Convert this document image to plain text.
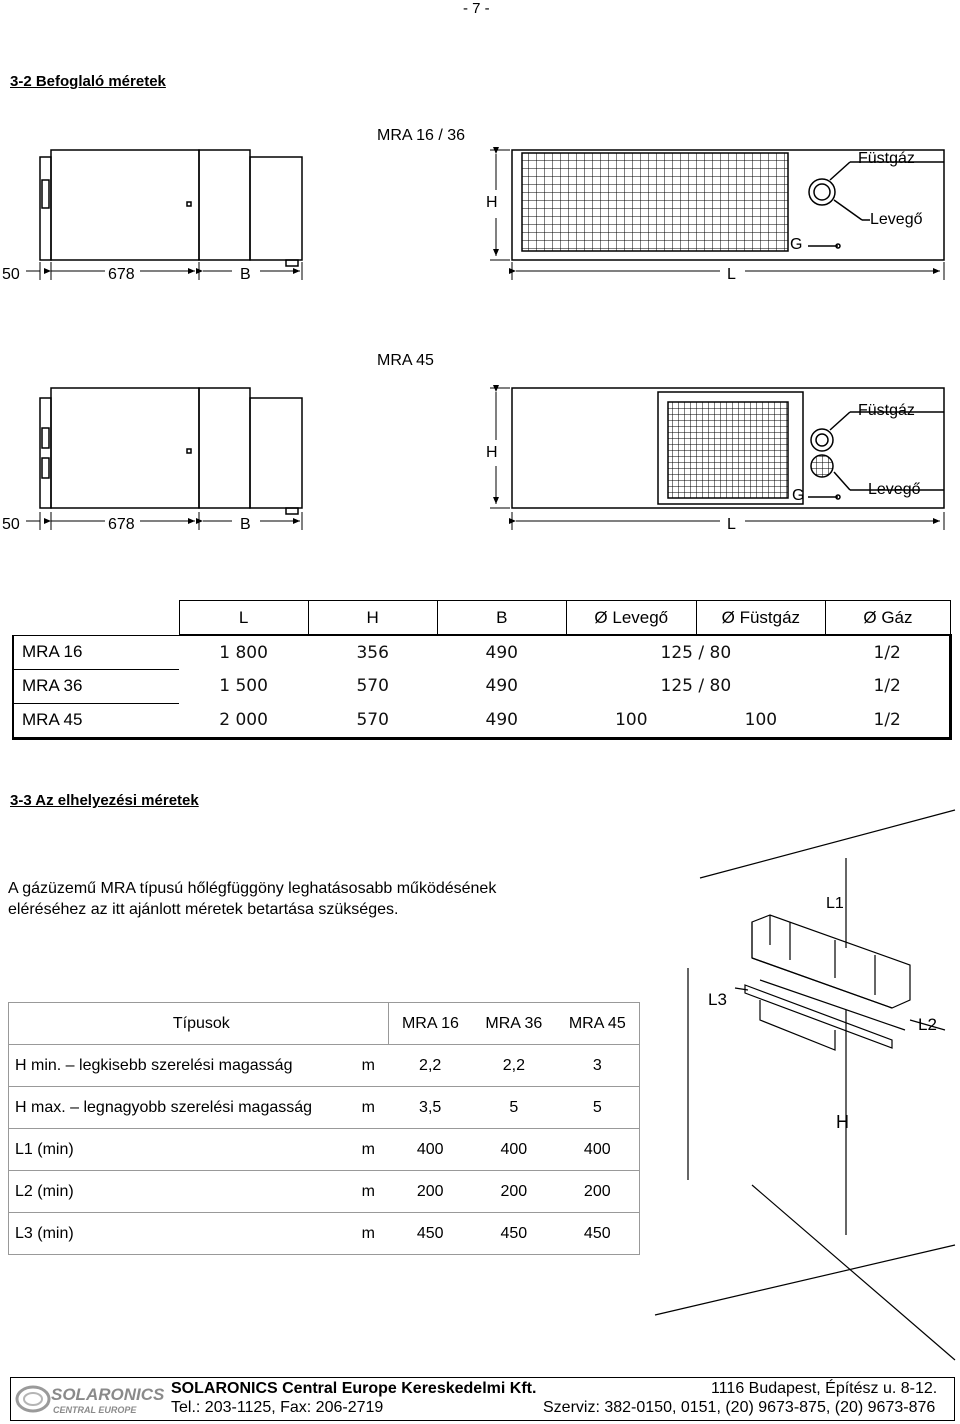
- 7 -
3-2 Befoglaló méretek
MRA 16 / 36
50	678	B
H
L
G
Füstgáz
Levegő
MRA 45
50	678	B
H
L
G
Füstgáz
Levegő
	L	H	B	Ø Levegő	Ø Füstgáz	Ø Gáz
MRA 16	1 800	356	490	125 / 80		1/2
MRA 36	1 500	570	490	125 / 80		1/2
MRA 45	2 000	570	490	100	100	1/2
3-3 Az elhelyezési méretek
A gázüzemű MRA típusú hőlégfüggöny leghatásosabb működésének
eléréséhez az itt ajánlott méretek betartása szükséges.	L1
L3
L2
H
Típusok		MRA 16	MRA 36	MRA 45
H min. – legkisebb szerelési magasság	m	2,2	2,2	3
H max. – legnagyobb szerelési magasság	m	3,5	5	5
L1 (min)	m	400	400	400
L2 (min)	m	200	200	200
L3 (min)	m	450	450	450
SOLARONICS
CENTRAL EUROPE
SOLARONICS Central Europe Kereskedelmi Kft.	1116 Budapest, Építész u. 8-12.
Tel.: 203-1125, Fax: 206-2719	Szerviz: 382-0150, 0151, (20) 9673-875, (20) 9673-876
